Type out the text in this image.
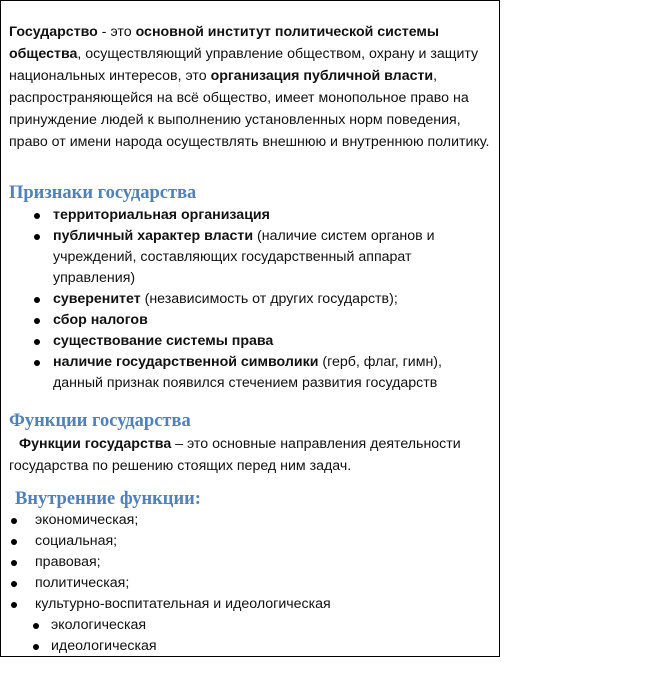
Государство - это основной институт политической системы общества, осуществляющий управление обществом, охрану и защиту национальных интересов, это организация публичной власти, распространяющейся на всё общество, имеет монопольное право на принуждение людей к выполнению установленных норм поведения, право от имени народа осуществлять внешнюю и внутреннюю политику.
Признаки государства
территориальная организация
публичный характер власти (наличие систем органов и учреждений, составляющих государственный аппарат управления)
суверенитет (независимость от других государств);
сбор налогов
существование системы права
наличие государственной символики (герб, флаг, гимн), данный признак появился стечением развития государств
Функции государства
Функции государства – это основные направления деятельности государства по решению стоящих перед ним задач.
Внутренние функции:
экономическая;
социальная;
правовая;
политическая;
культурно-воспитательная и идеологическая
экологическая
идеологическая
